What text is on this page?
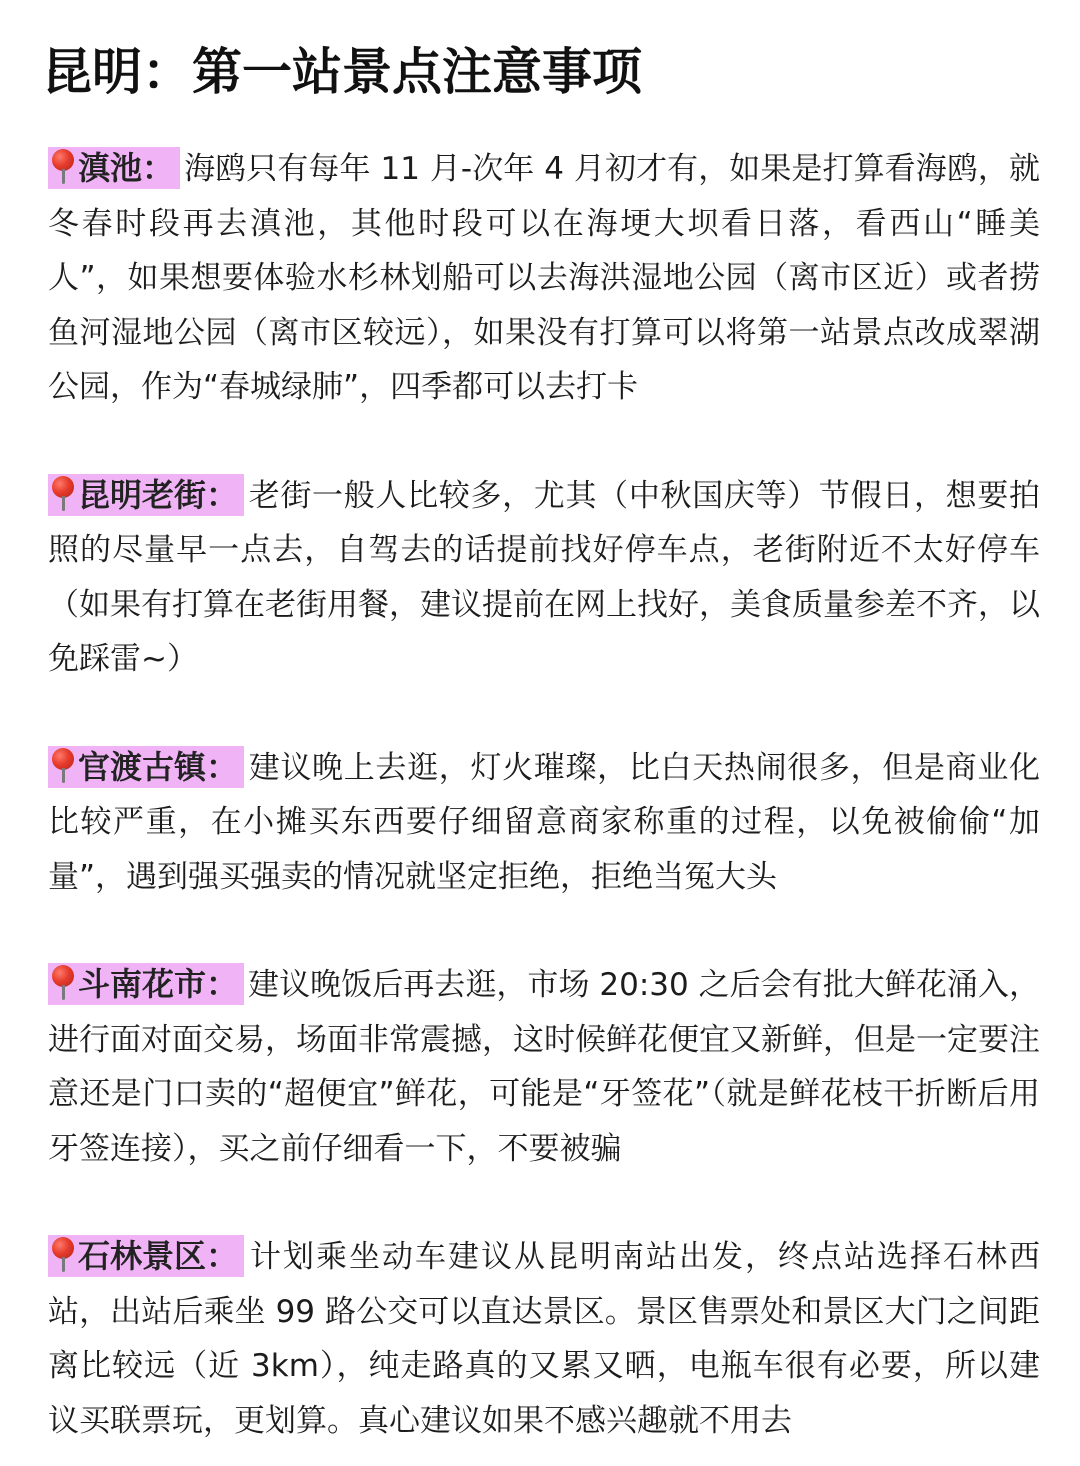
昆明：第一站景点注意事项
滇池： 海鸥只有每年 11 月-次年 4 月初才有，如果是打算看海鸥，就冬春时段再去滇池，其他时段可以在海埂大坝看日落，看西山“睡美人”，如果想要体验水杉林划船可以去海洪湿地公园（离市区近）或者捞鱼河湿地公园（离市区较远），如果没有打算可以将第一站景点改成翠湖公园，作为“春城绿肺”，四季都可以去打卡
昆明老街： 老街一般人比较多，尤其（中秋国庆等）节假日，想要拍照的尽量早一点去，自驾去的话提前找好停车点，老街附近不太好停车（如果有打算在老街用餐，建议提前在网上找好，美食质量参差不齐，以免踩雷~）
官渡古镇： 建议晚上去逛，灯火璀璨，比白天热闹很多，但是商业化比较严重，在小摊买东西要仔细留意商家称重的过程，以免被偷偷“加量”，遇到强买强卖的情况就坚定拒绝，拒绝当冤大头
斗南花市： 建议晚饭后再去逛，市场 20:30 之后会有批大鲜花涌入，进行面对面交易，场面非常震撼，这时候鲜花便宜又新鲜，但是一定要注意还是门口卖的“超便宜”鲜花，可能是“牙签花”（就是鲜花枝干折断后用牙签连接），买之前仔细看一下，不要被骗
石林景区： 计划乘坐动车建议从昆明南站出发，终点站选择石林西站，出站后乘坐 99 路公交可以直达景区。景区售票处和景区大门之间距离比较远（近 3km），纯走路真的又累又晒，电瓶车很有必要，所以建议买联票玩，更划算。真心建议如果不感兴趣就不用去
